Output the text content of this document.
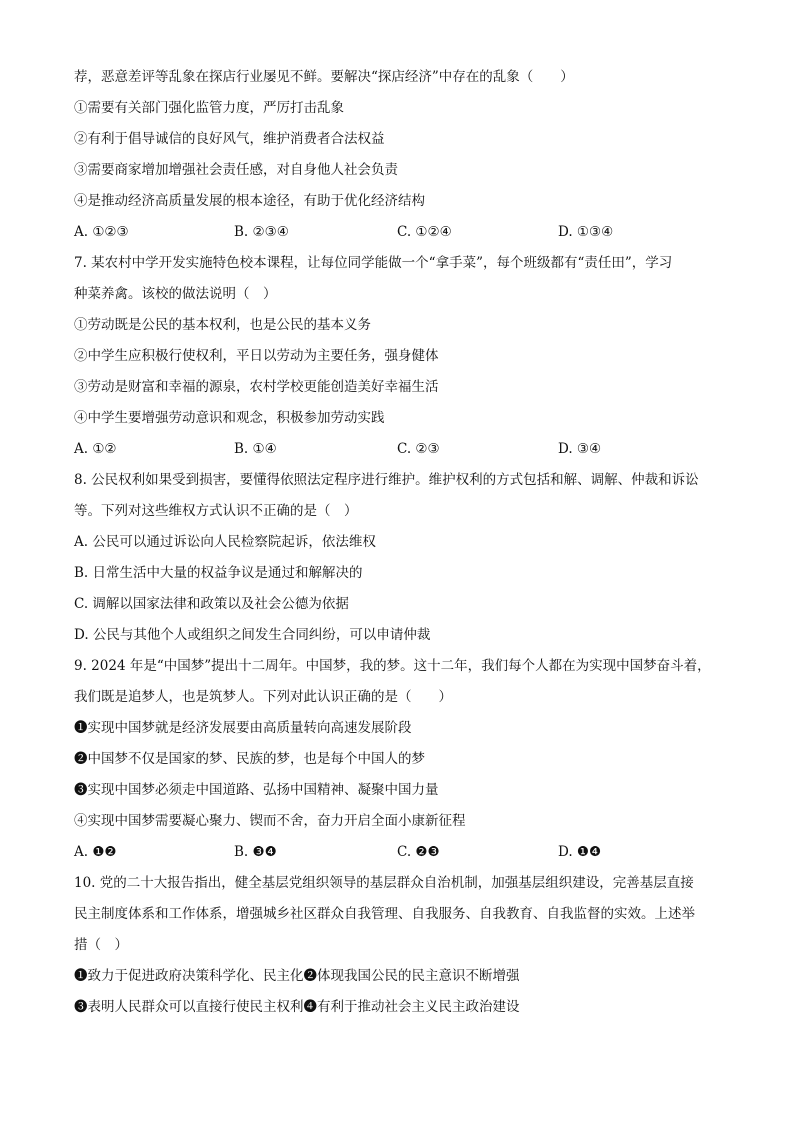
荐，恶意差评等乱象在探店行业屡见不鲜。要解决“探店经济”中存在的乱象（　　）
①需要有关部门强化监管力度，严厉打击乱象
②有利于倡导诚信的良好风气，维护消费者合法权益
③需要商家增加增强社会责任感，对自身他人社会负责
④是推动经济高质量发展的根本途径，有助于优化经济结构
A. ①②③	B. ②③④	C. ①②④	D. ①③④
7. 某农村中学开发实施特色校本课程，让每位同学能做一个“拿手菜”，每个班级都有“责任田”，学习
种菜养禽。该校的做法说明（　）
①劳动既是公民的基本权利，也是公民的基本义务
②中学生应积极行使权利，平日以劳动为主要任务，强身健体
③劳动是财富和幸福的源泉，农村学校更能创造美好幸福生活
④中学生要增强劳动意识和观念，积极参加劳动实践
A. ①②	B. ①④	C. ②③	D. ③④
8. 公民权利如果受到损害，要懂得依照法定程序进行维护。维护权利的方式包括和解、调解、仲裁和诉讼
等。下列对这些维权方式认识不正确的是（　）
A. 公民可以通过诉讼向人民检察院起诉，依法维权
B. 日常生活中大量的权益争议是通过和解解决的
C. 调解以国家法律和政策以及社会公德为依据
D. 公民与其他个人或组织之间发生合同纠纷，可以申请仲裁
9. 2024 年是“中国梦”提出十二周年。中国梦，我的梦。这十二年，我们每个人都在为实现中国梦奋斗着，
我们既是追梦人，也是筑梦人。下列对此认识正确的是（　　）
❶实现中国梦就是经济发展要由高质量转向高速发展阶段
❷中国梦不仅是国家的梦、民族的梦，也是每个中国人的梦
❸实现中国梦必须走中国道路、弘扬中国精神、凝聚中国力量
④实现中国梦需要凝心聚力、锲而不舍，奋力开启全面小康新征程
A. ❶❷	B. ❸❹	C. ❷❸	D. ❶❹
10. 党的二十大报告指出，健全基层党组织领导的基层群众自治机制，加强基层组织建设，完善基层直接
民主制度体系和工作体系，增强城乡社区群众自我管理、自我服务、自我教育、自我监督的实效。上述举
措（　）
❶致力于促进政府决策科学化、民主化❷体现我国公民的民主意识不断增强
❸表明人民群众可以直接行使民主权利❹有利于推动社会主义民主政治建设
